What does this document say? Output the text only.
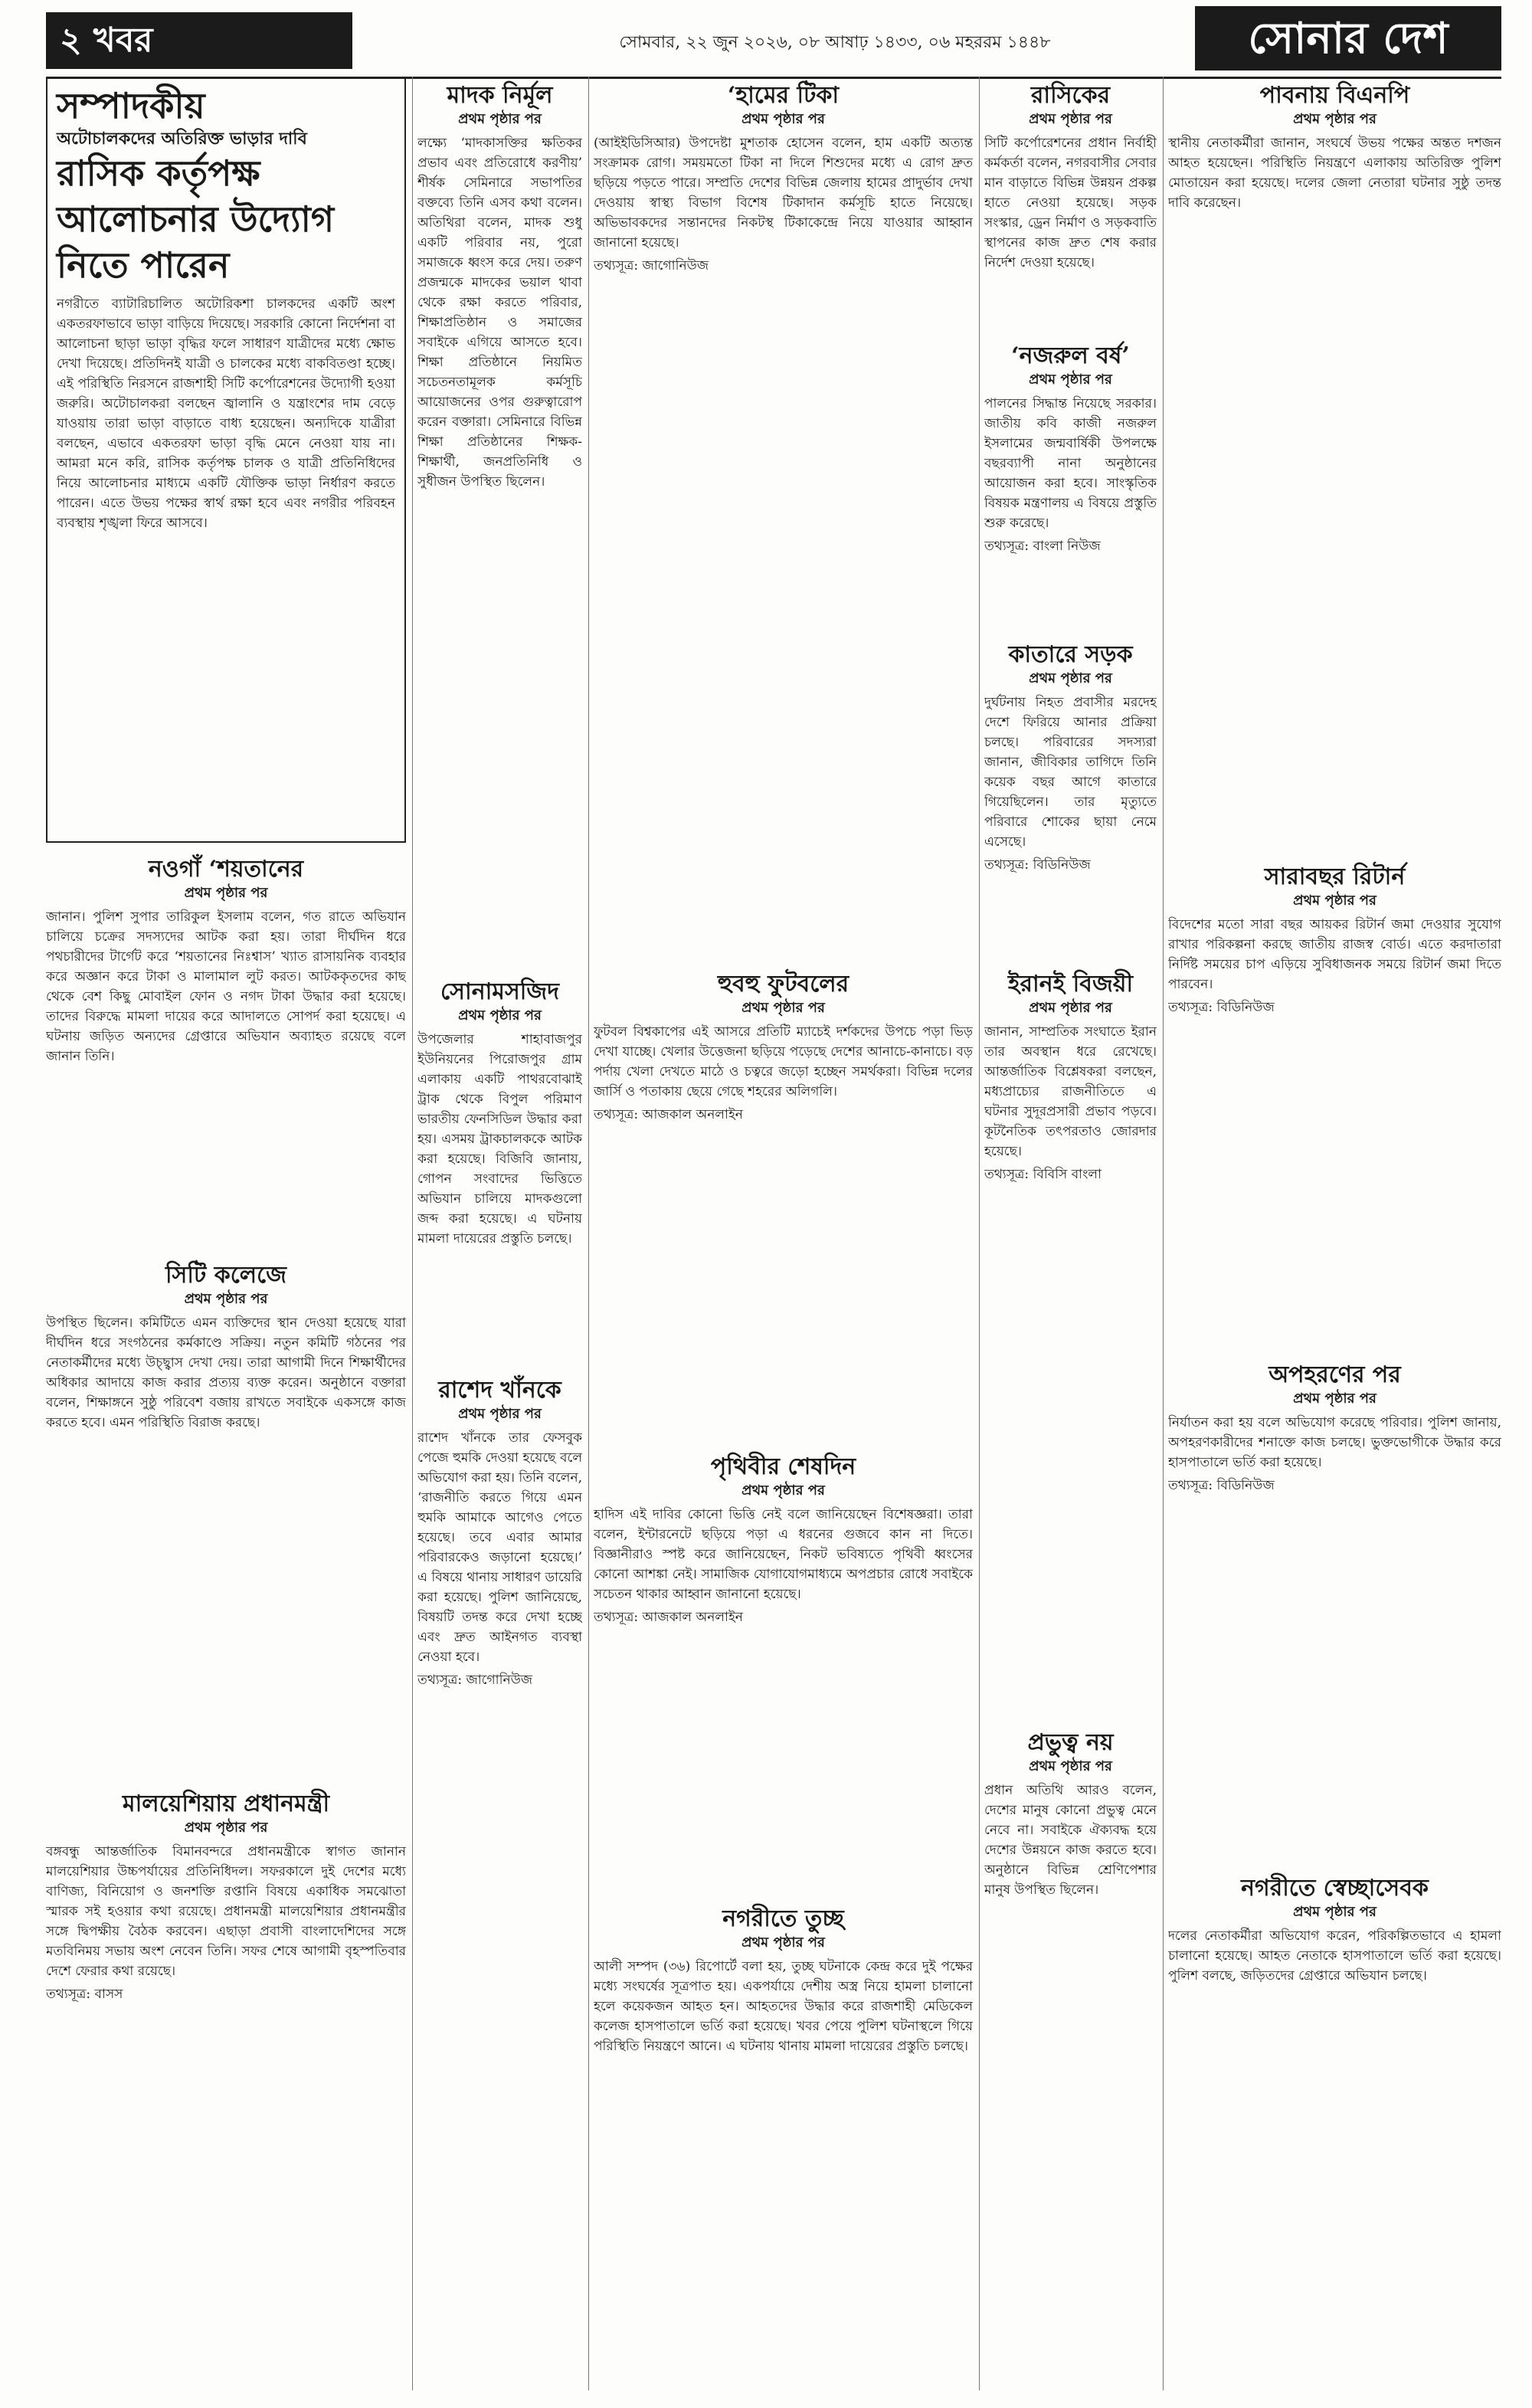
২ খবর	সোমবার, ২২ জুন ২০২৬, ০৮ আষাঢ় ১৪৩৩, ০৬ মহররম ১৪৪৮	সোনার দেশ
সম্পাদকীয়
অটোচালকদের অতিরিক্ত ভাড়ার দাবি
রাসিক কর্তৃপক্ষ আলোচনার উদ্যোগ নিতে পারেন
নগরীতে ব্যাটারিচালিত অটোরিকশা চালকদের একটি অংশ একতরফাভাবে ভাড়া বাড়িয়ে দিয়েছে। সরকারি কোনো নির্দেশনা বা আলোচনা ছাড়া ভাড়া বৃদ্ধির ফলে সাধারণ যাত্রীদের মধ্যে ক্ষোভ দেখা দিয়েছে। প্রতিদিনই যাত্রী ও চালকের মধ্যে বাকবিতণ্ডা হচ্ছে। এই পরিস্থিতি নিরসনে রাজশাহী সিটি কর্পোরেশনের উদ্যোগী হওয়া জরুরি। অটোচালকরা বলছেন জ্বালানি ও যন্ত্রাংশের দাম বেড়ে যাওয়ায় তারা ভাড়া বাড়াতে বাধ্য হয়েছেন। অন্যদিকে যাত্রীরা বলছেন, এভাবে একতরফা ভাড়া বৃদ্ধি মেনে নেওয়া যায় না। আমরা মনে করি, রাসিক কর্তৃপক্ষ চালক ও যাত্রী প্রতিনিধিদের নিয়ে আলোচনার মাধ্যমে একটি যৌক্তিক ভাড়া নির্ধারণ করতে পারেন। এতে উভয় পক্ষের স্বার্থ রক্ষা হবে এবং নগরীর পরিবহন ব্যবস্থায় শৃঙ্খলা ফিরে আসবে।
নওগাঁ ‘শয়তানের
প্রথম পৃষ্ঠার পর
জানান। পুলিশ সুপার তারিকুল ইসলাম বলেন, গত রাতে অভিযান চালিয়ে চক্রের সদস্যদের আটক করা হয়। তারা দীর্ঘদিন ধরে পথচারীদের টার্গেট করে ‘শয়তানের নিঃশ্বাস’ খ্যাত রাসায়নিক ব্যবহার করে অজ্ঞান করে টাকা ও মালামাল লুট করত। আটককৃতদের কাছ থেকে বেশ কিছু মোবাইল ফোন ও নগদ টাকা উদ্ধার করা হয়েছে। তাদের বিরুদ্ধে মামলা দায়ের করে আদালতে সোপর্দ করা হয়েছে। এ ঘটনায় জড়িত অন্যদের গ্রেপ্তারে অভিযান অব্যাহত রয়েছে বলে জানান তিনি।
সিটি কলেজে
প্রথম পৃষ্ঠার পর
উপস্থিত ছিলেন। কমিটিতে এমন ব্যক্তিদের স্থান দেওয়া হয়েছে যারা দীর্ঘদিন ধরে সংগঠনের কর্মকাণ্ডে সক্রিয়। নতুন কমিটি গঠনের পর নেতাকর্মীদের মধ্যে উচ্ছ্বাস দেখা দেয়। তারা আগামী দিনে শিক্ষার্থীদের অধিকার আদায়ে কাজ করার প্রত্যয় ব্যক্ত করেন। অনুষ্ঠানে বক্তারা বলেন, শিক্ষাঙ্গনে সুষ্ঠু পরিবেশ বজায় রাখতে সবাইকে একসঙ্গে কাজ করতে হবে। এমন পরিস্থিতি বিরাজ করছে।
মালয়েশিয়ায় প্রধানমন্ত্রী
প্রথম পৃষ্ঠার পর
বঙ্গবন্ধু আন্তর্জাতিক বিমানবন্দরে প্রধানমন্ত্রীকে স্বাগত জানান মালয়েশিয়ার উচ্চপর্যায়ের প্রতিনিধিদল। সফরকালে দুই দেশের মধ্যে বাণিজ্য, বিনিয়োগ ও জনশক্তি রপ্তানি বিষয়ে একাধিক সমঝোতা স্মারক সই হওয়ার কথা রয়েছে। প্রধানমন্ত্রী মালয়েশিয়ার প্রধানমন্ত্রীর সঙ্গে দ্বিপক্ষীয় বৈঠক করবেন। এছাড়া প্রবাসী বাংলাদেশিদের সঙ্গে মতবিনিময় সভায় অংশ নেবেন তিনি। সফর শেষে আগামী বৃহস্পতিবার দেশে ফেরার কথা রয়েছে।
তথ্যসূত্র: বাসস
মাদক নির্মূল
প্রথম পৃষ্ঠার পর
লক্ষ্যে ‘মাদকাসক্তির ক্ষতিকর প্রভাব এবং প্রতিরোধে করণীয়’ শীর্ষক সেমিনারে সভাপতির বক্তব্যে তিনি এসব কথা বলেন। অতিথিরা বলেন, মাদক শুধু একটি পরিবার নয়, পুরো সমাজকে ধ্বংস করে দেয়। তরুণ প্রজন্মকে মাদকের ভয়াল থাবা থেকে রক্ষা করতে পরিবার, শিক্ষাপ্রতিষ্ঠান ও সমাজের সবাইকে এগিয়ে আসতে হবে। শিক্ষা প্রতিষ্ঠানে নিয়মিত সচেতনতামূলক কর্মসূচি আয়োজনের ওপর গুরুত্বারোপ করেন বক্তারা। সেমিনারে বিভিন্ন শিক্ষা প্রতিষ্ঠানের শিক্ষক-শিক্ষার্থী, জনপ্রতিনিধি ও সুধীজন উপস্থিত ছিলেন।
সোনামসজিদ
প্রথম পৃষ্ঠার পর
উপজেলার শাহাবাজপুর ইউনিয়নের পিরোজপুর গ্রাম এলাকায় একটি পাথরবোঝাই ট্রাক থেকে বিপুল পরিমাণ ভারতীয় ফেনসিডিল উদ্ধার করা হয়। এসময় ট্রাকচালককে আটক করা হয়েছে। বিজিবি জানায়, গোপন সংবাদের ভিত্তিতে অভিযান চালিয়ে মাদকগুলো জব্দ করা হয়েছে। এ ঘটনায় মামলা দায়েরের প্রস্তুতি চলছে।
রাশেদ খাঁনকে
প্রথম পৃষ্ঠার পর
রাশেদ খাঁনকে তার ফেসবুক পেজে হুমকি দেওয়া হয়েছে বলে অভিযোগ করা হয়। তিনি বলেন, ‘রাজনীতি করতে গিয়ে এমন হুমকি আমাকে আগেও পেতে হয়েছে। তবে এবার আমার পরিবারকেও জড়ানো হয়েছে।’ এ বিষয়ে থানায় সাধারণ ডায়েরি করা হয়েছে। পুলিশ জানিয়েছে, বিষয়টি তদন্ত করে দেখা হচ্ছে এবং দ্রুত আইনগত ব্যবস্থা নেওয়া হবে।
তথ্যসূত্র: জাগোনিউজ
‘হামের টিকা
প্রথম পৃষ্ঠার পর
(আইইডিসিআর) উপদেষ্টা মুশতাক হোসেন বলেন, হাম একটি অত্যন্ত সংক্রামক রোগ। সময়মতো টিকা না দিলে শিশুদের মধ্যে এ রোগ দ্রুত ছড়িয়ে পড়তে পারে। সম্প্রতি দেশের বিভিন্ন জেলায় হামের প্রাদুর্ভাব দেখা দেওয়ায় স্বাস্থ্য বিভাগ বিশেষ টিকাদান কর্মসূচি হাতে নিয়েছে। অভিভাবকদের সন্তানদের নিকটস্থ টিকাকেন্দ্রে নিয়ে যাওয়ার আহ্বান জানানো হয়েছে।
তথ্যসূত্র: জাগোনিউজ
হুবহু ফুটবলের
প্রথম পৃষ্ঠার পর
ফুটবল বিশ্বকাপের এই আসরে প্রতিটি ম্যাচেই দর্শকদের উপচে পড়া ভিড় দেখা যাচ্ছে। খেলার উত্তেজনা ছড়িয়ে পড়েছে দেশের আনাচে-কানাচে। বড় পর্দায় খেলা দেখতে মাঠে ও চত্বরে জড়ো হচ্ছেন সমর্থকরা। বিভিন্ন দলের জার্সি ও পতাকায় ছেয়ে গেছে শহরের অলিগলি।
তথ্যসূত্র: আজকাল অনলাইন
পৃথিবীর শেষদিন
প্রথম পৃষ্ঠার পর
হাদিস এই দাবির কোনো ভিত্তি নেই বলে জানিয়েছেন বিশেষজ্ঞরা। তারা বলেন, ইন্টারনেটে ছড়িয়ে পড়া এ ধরনের গুজবে কান না দিতে। বিজ্ঞানীরাও স্পষ্ট করে জানিয়েছেন, নিকট ভবিষ্যতে পৃথিবী ধ্বংসের কোনো আশঙ্কা নেই। সামাজিক যোগাযোগমাধ্যমে অপপ্রচার রোধে সবাইকে সচেতন থাকার আহ্বান জানানো হয়েছে।
তথ্যসূত্র: আজকাল অনলাইন
নগরীতে তুচ্ছ
প্রথম পৃষ্ঠার পর
আলী সম্পদ (৩৬) রিপোর্টে বলা হয়, তুচ্ছ ঘটনাকে কেন্দ্র করে দুই পক্ষের মধ্যে সংঘর্ষের সূত্রপাত হয়। একপর্যায়ে দেশীয় অস্ত্র নিয়ে হামলা চালানো হলে কয়েকজন আহত হন। আহতদের উদ্ধার করে রাজশাহী মেডিকেল কলেজ হাসপাতালে ভর্তি করা হয়েছে। খবর পেয়ে পুলিশ ঘটনাস্থলে গিয়ে পরিস্থিতি নিয়ন্ত্রণে আনে। এ ঘটনায় থানায় মামলা দায়েরের প্রস্তুতি চলছে।
রাসিকের
প্রথম পৃষ্ঠার পর
সিটি কর্পোরেশনের প্রধান নির্বাহী কর্মকর্তা বলেন, নগরবাসীর সেবার মান বাড়াতে বিভিন্ন উন্নয়ন প্রকল্প হাতে নেওয়া হয়েছে। সড়ক সংস্কার, ড্রেন নির্মাণ ও সড়কবাতি স্থাপনের কাজ দ্রুত শেষ করার নির্দেশ দেওয়া হয়েছে।
‘নজরুল বর্ষ’
প্রথম পৃষ্ঠার পর
পালনের সিদ্ধান্ত নিয়েছে সরকার। জাতীয় কবি কাজী নজরুল ইসলামের জন্মবার্ষিকী উপলক্ষে বছরব্যাপী নানা অনুষ্ঠানের আয়োজন করা হবে। সাংস্কৃতিক বিষয়ক মন্ত্রণালয় এ বিষয়ে প্রস্তুতি শুরু করেছে।
তথ্যসূত্র: বাংলা নিউজ
কাতারে সড়ক
প্রথম পৃষ্ঠার পর
দুর্ঘটনায় নিহত প্রবাসীর মরদেহ দেশে ফিরিয়ে আনার প্রক্রিয়া চলছে। পরিবারের সদস্যরা জানান, জীবিকার তাগিদে তিনি কয়েক বছর আগে কাতারে গিয়েছিলেন। তার মৃত্যুতে পরিবারে শোকের ছায়া নেমে এসেছে।
তথ্যসূত্র: বিডিনিউজ
ইরানই বিজয়ী
প্রথম পৃষ্ঠার পর
জানান, সাম্প্রতিক সংঘাতে ইরান তার অবস্থান ধরে রেখেছে। আন্তর্জাতিক বিশ্লেষকরা বলছেন, মধ্যপ্রাচ্যের রাজনীতিতে এ ঘটনার সুদূরপ্রসারী প্রভাব পড়বে। কূটনৈতিক তৎপরতাও জোরদার হয়েছে।
তথ্যসূত্র: বিবিসি বাংলা
প্রভুত্ব নয়
প্রথম পৃষ্ঠার পর
প্রধান অতিথি আরও বলেন, দেশের মানুষ কোনো প্রভুত্ব মেনে নেবে না। সবাইকে ঐক্যবদ্ধ হয়ে দেশের উন্নয়নে কাজ করতে হবে। অনুষ্ঠানে বিভিন্ন শ্রেণিপেশার মানুষ উপস্থিত ছিলেন।
পাবনায় বিএনপি
প্রথম পৃষ্ঠার পর
স্থানীয় নেতাকর্মীরা জানান, সংঘর্ষে উভয় পক্ষের অন্তত দশজন আহত হয়েছেন। পরিস্থিতি নিয়ন্ত্রণে এলাকায় অতিরিক্ত পুলিশ মোতায়েন করা হয়েছে। দলের জেলা নেতারা ঘটনার সুষ্ঠু তদন্ত দাবি করেছেন।
সারাবছর রিটার্ন
প্রথম পৃষ্ঠার পর
বিদেশের মতো সারা বছর আয়কর রিটার্ন জমা দেওয়ার সুযোগ রাখার পরিকল্পনা করছে জাতীয় রাজস্ব বোর্ড। এতে করদাতারা নির্দিষ্ট সময়ের চাপ এড়িয়ে সুবিধাজনক সময়ে রিটার্ন জমা দিতে পারবেন।
তথ্যসূত্র: বিডিনিউজ
অপহরণের পর
প্রথম পৃষ্ঠার পর
নির্যাতন করা হয় বলে অভিযোগ করেছে পরিবার। পুলিশ জানায়, অপহরণকারীদের শনাক্তে কাজ চলছে। ভুক্তভোগীকে উদ্ধার করে হাসপাতালে ভর্তি করা হয়েছে।
তথ্যসূত্র: বিডিনিউজ
নগরীতে স্বেচ্ছাসেবক
প্রথম পৃষ্ঠার পর
দলের নেতাকর্মীরা অভিযোগ করেন, পরিকল্পিতভাবে এ হামলা চালানো হয়েছে। আহত নেতাকে হাসপাতালে ভর্তি করা হয়েছে। পুলিশ বলছে, জড়িতদের গ্রেপ্তারে অভিযান চলছে।
